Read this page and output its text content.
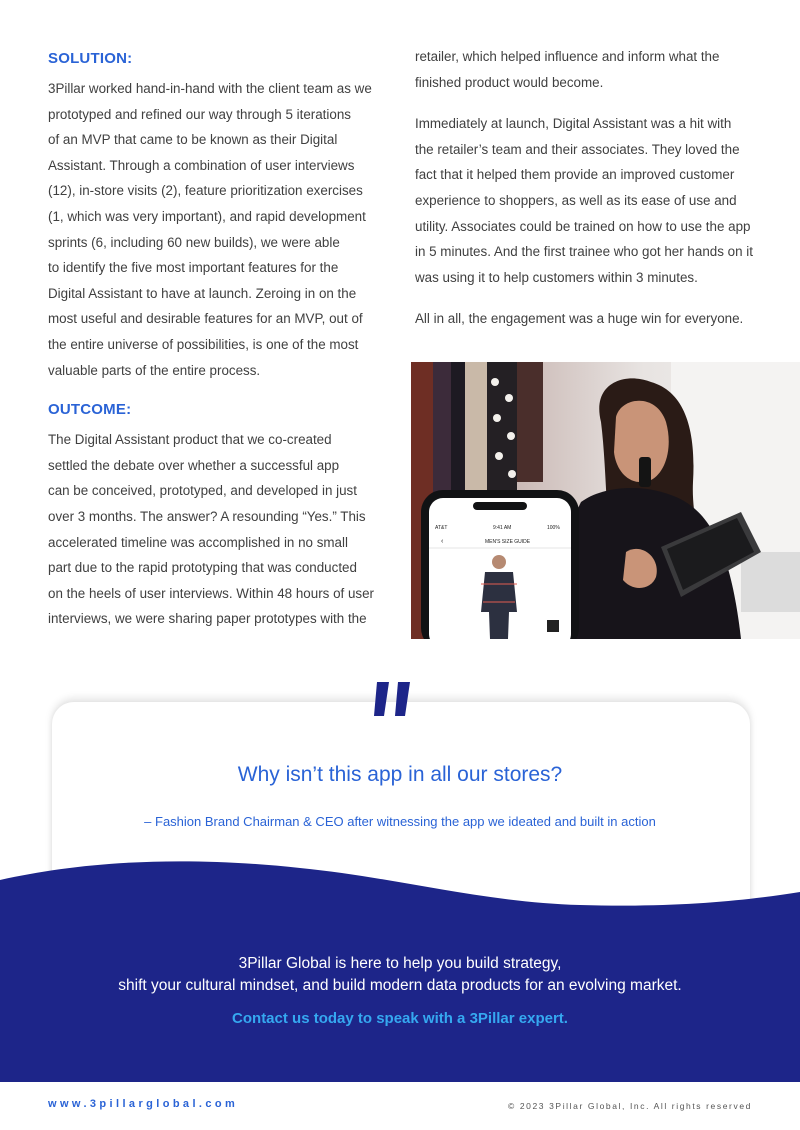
SOLUTION:

3Pillar worked hand-in-hand with the client team as we

prototyped and refined our way through 5 iterations

of an MVP that came to be known as their Digital

Assistant. Through a combination of user interviews

(12), in-store visits (2), feature prioritization exercises

(1, which was very important), and rapid development

sprints (6, including 60 new builds), we were able

to identify the five most important features for the

Digital Assistant to have at launch. Zeroing in on the

most useful and desirable features for an MVP, out of

the entire universe of possibilities, is one of the most

valuable parts of the entire process.

OUTCOME:

The Digital Assistant product that we co-created

settled the debate over whether a successful app

can be conceived, prototyped, and developed in just

over 3 months. The answer? A resounding “Yes.” This

accelerated timeline was accomplished in no small

part due to the rapid prototyping that was conducted

on the heels of user interviews. Within 48 hours of user

interviews, we were sharing paper prototypes with the

retailer, which helped influence and inform what the

finished product would become.

Immediately at launch, Digital Assistant was a hit with

the retailer’s team and their associates. They loved the

fact that it helped them provide an improved customer

experience to shoppers, as well as its ease of use and

utility. Associates could be trained on how to use the app

in 5 minutes. And the first trainee who got her hands on it

was using it to help customers within 3 minutes.

All in all, the engagement was a huge win for everyone.

AT&T	9:41 AM	100%
MEN'S SIZE GUIDE
‹
Why isn’t this app in all our stores?
– Fashion Brand Chairman & CEO after witnessing the app we ideated and built in action
3Pillar Global is here to help you build strategy,
shift your cultural mindset, and build modern data products for an evolving market.
Contact us today to speak with a 3Pillar expert.
www.3pillarglobal.com	© 2023 3Pillar Global, Inc. All rights reserved
